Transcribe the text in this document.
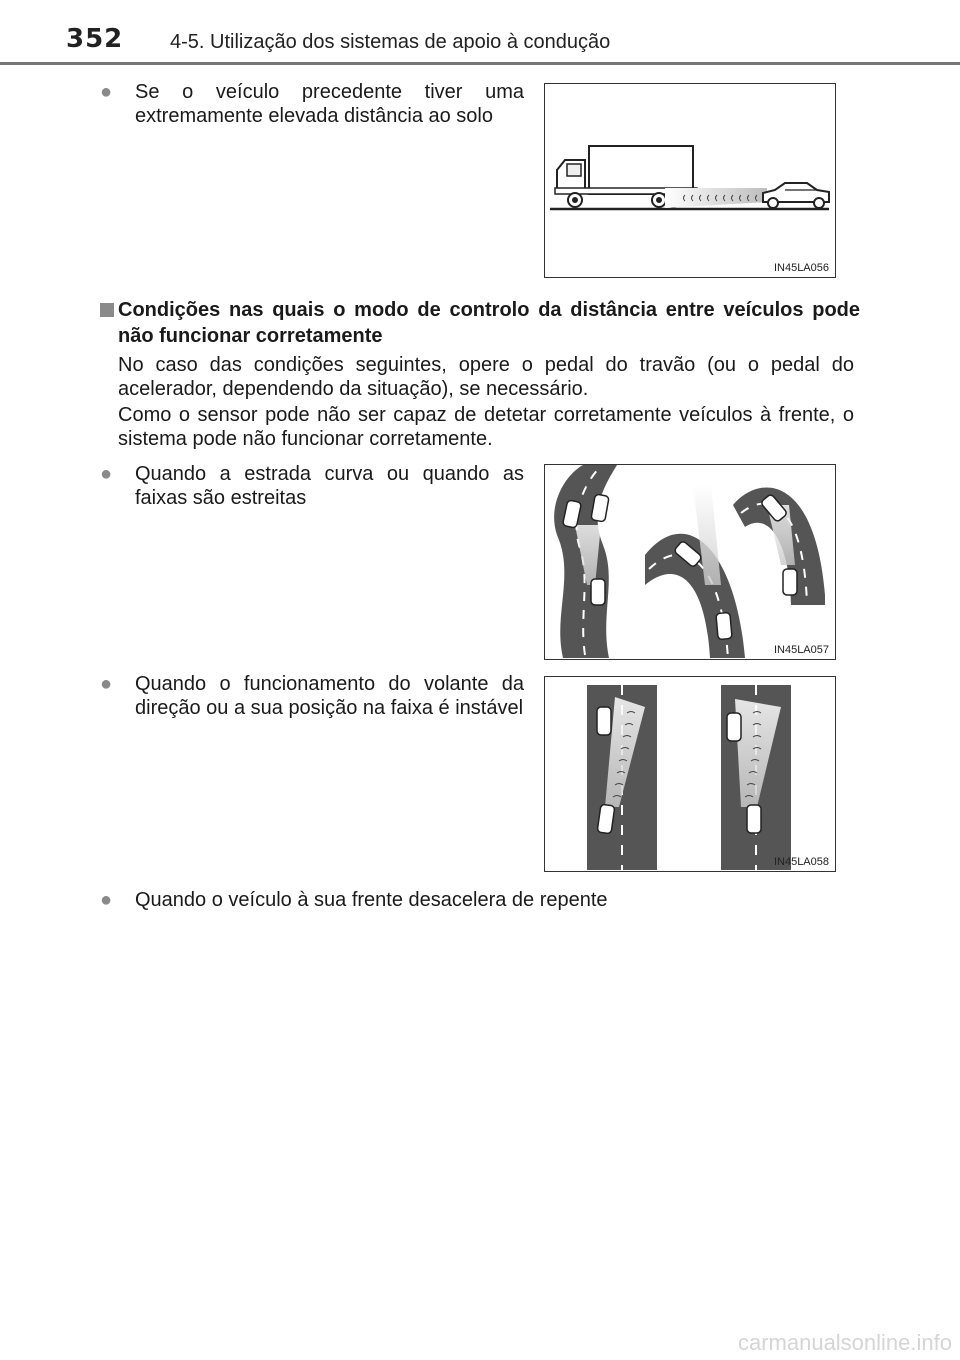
352 4-5. Utilização dos sistemas de apoio à condução
● Se o veículo precedente tiver uma extremamente elevada distância ao solo
IN45LA056
Condições nas quais o modo de controlo da distância entre veículos pode não funcionar corretamente
No caso das condições seguintes, opere o pedal do travão (ou o pedal do acelerador, dependendo da situação), se necessário.
Como o sensor pode não ser capaz de detetar corretamente veículos à frente, o sistema pode não funcionar corretamente.
● Quando a estrada curva ou quando as faixas são estreitas
IN45LA057
● Quando o funcionamento do volante da direção ou a sua posição na faixa é instável
IN45LA058
● Quando o veículo à sua frente desacelera de repente
carmanualsonline.info
